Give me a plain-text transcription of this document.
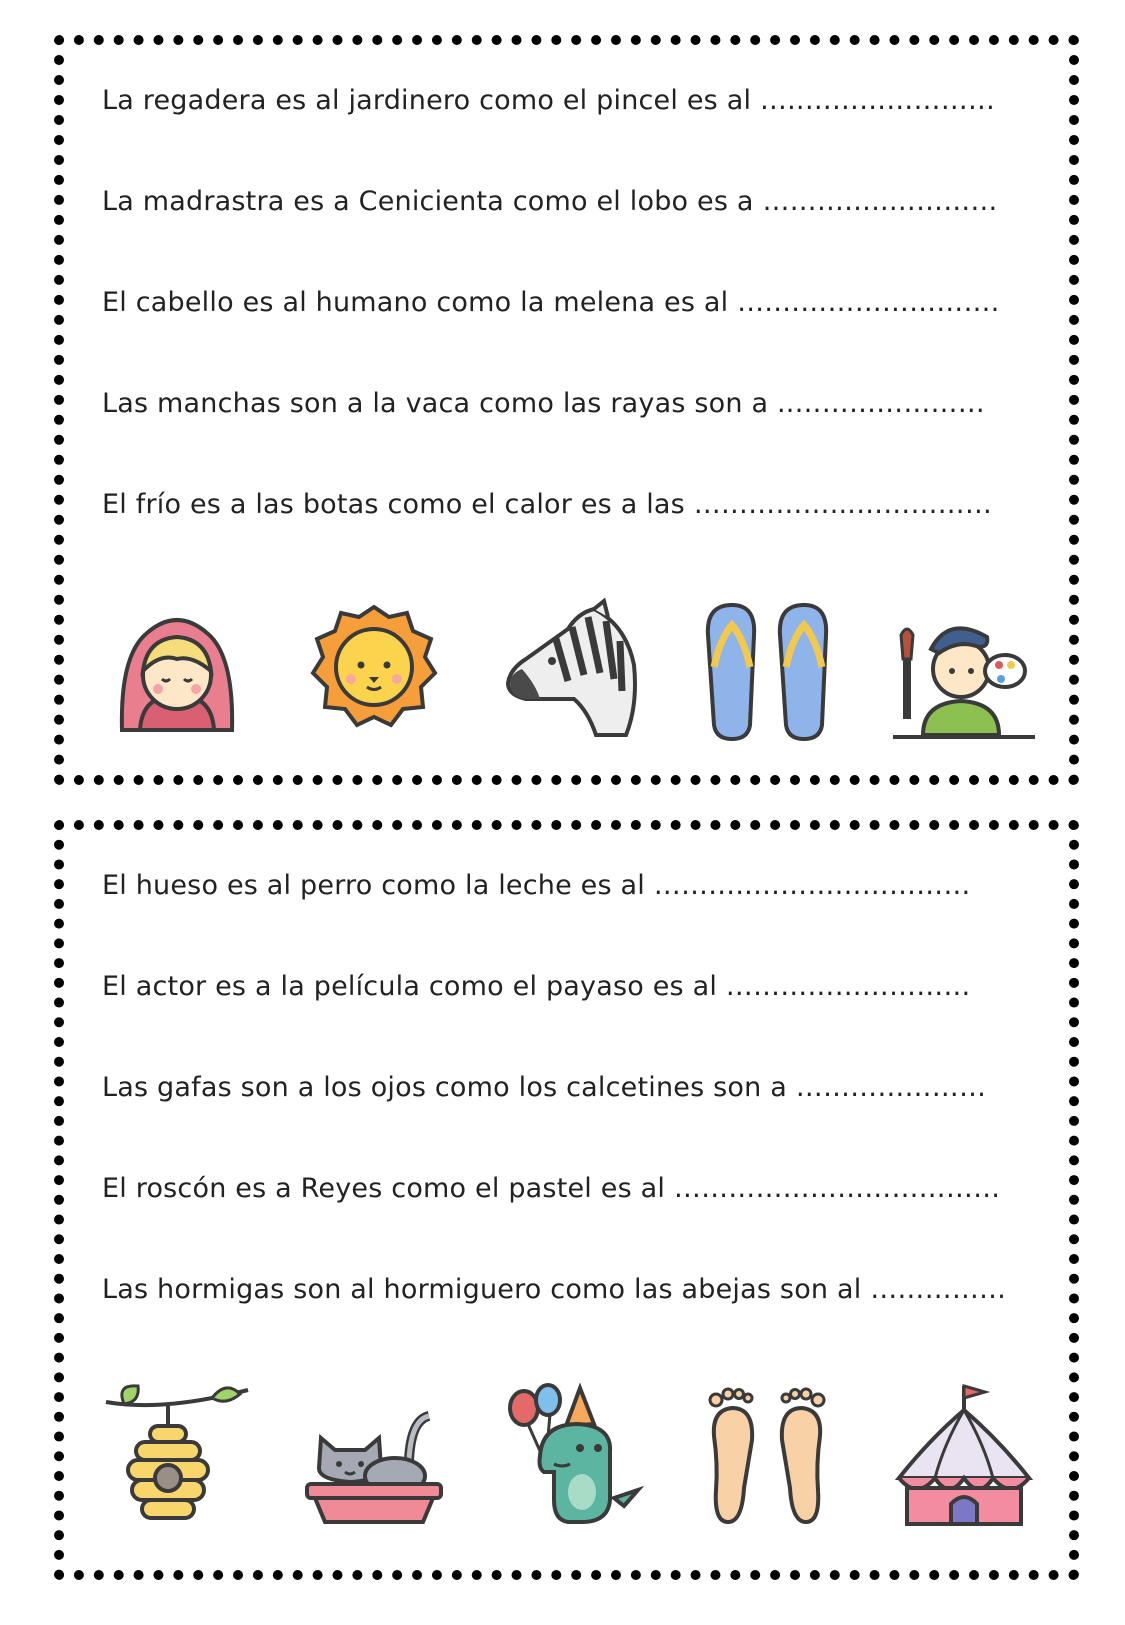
La regadera es al jardinero como el pincel es al …..…………………
La madrastra es a Cenicienta como el lobo es a …………..…………
El cabello es al humano como la melena es al ….…………………….
Las manchas son a la vaca como las rayas son a ..…………………
El frío es a las botas como el calor es a las ……………...……………
El hueso es al perro como la leche es al ………..……………………
El actor es a la película como el payaso es al ………………………
Las gafas son a los ojos como los calcetines son a …………………
El roscón es a Reyes como el pastel es al ………………………………
Las hormigas son al hormiguero como las abejas son al ……………
